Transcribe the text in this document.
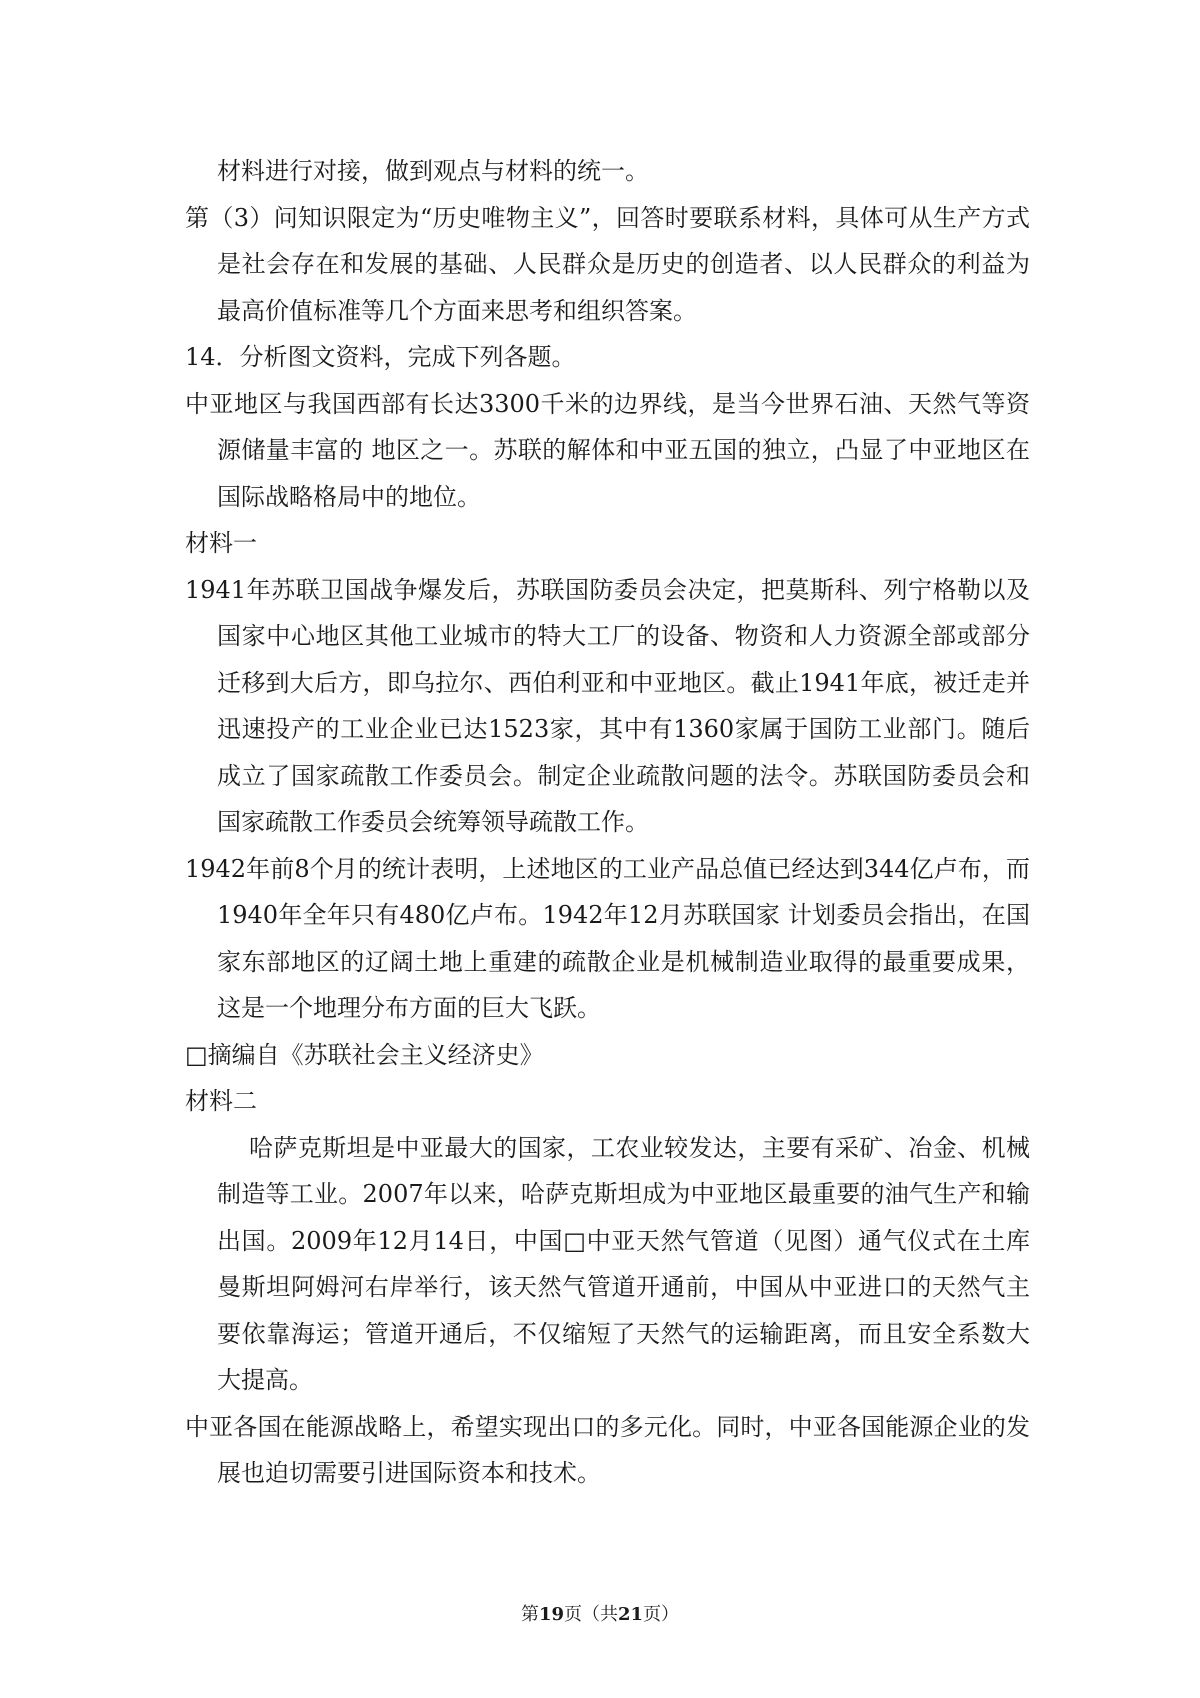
材料进行对接，做到观点与材料的统一。

第（3）问知识限定为“历史唯物主义”，回答时要联系材料，具体可从生产方式是社会存在和发展的基础、人民群众是历史的创造者、以人民群众的利益为最高价值标准等几个方面来思考和组织答案。

14．分析图文资料，完成下列各题。

中亚地区与我国西部有长达3300千米的边界线，是当今世界石油、天然气等资源储量丰富的 地区之一。苏联的解体和中亚五国的独立，凸显了中亚地区在国际战略格局中的地位。

材料一

1941年苏联卫国战争爆发后，苏联国防委员会决定，把莫斯科、列宁格勒以及国家中心地区其他工业城市的特大工厂的设备、物资和人力资源全部或部分迁移到大后方，即乌拉尔、西伯利亚和中亚地区。截止1941年底，被迁走并迅速投产的工业企业已达1523家，其中有1360家属于国防工业部门。随后成立了国家疏散工作委员会。制定企业疏散问题的法令。苏联国防委员会和国家疏散工作委员会统筹领导疏散工作。

1942年前8个月的统计表明，上述地区的工业产品总值已经达到344亿卢布，而1940年全年只有480亿卢布。1942年12月苏联国家 计划委员会指出，在国家东部地区的辽阔土地上重建的疏散企业是机械制造业取得的最重要成果，这是一个地理分布方面的巨大飞跃。

□摘编自《苏联社会主义经济史》

材料二

哈萨克斯坦是中亚最大的国家，工农业较发达，主要有采矿、冶金、机械制造等工业。2007年以来，哈萨克斯坦成为中亚地区最重要的油气生产和输出国。2009年12月14日，中国□中亚天然气管道（见图）通气仪式在土库曼斯坦阿姆河右岸举行，该天然气管道开通前，中国从中亚进口的天然气主要依靠海运；管道开通后，不仅缩短了天然气的运输距离，而且安全系数大大提高。

中亚各国在能源战略上，希望实现出口的多元化。同时，中亚各国能源企业的发展也迫切需要引进国际资本和技术。

第19页（共21页）
